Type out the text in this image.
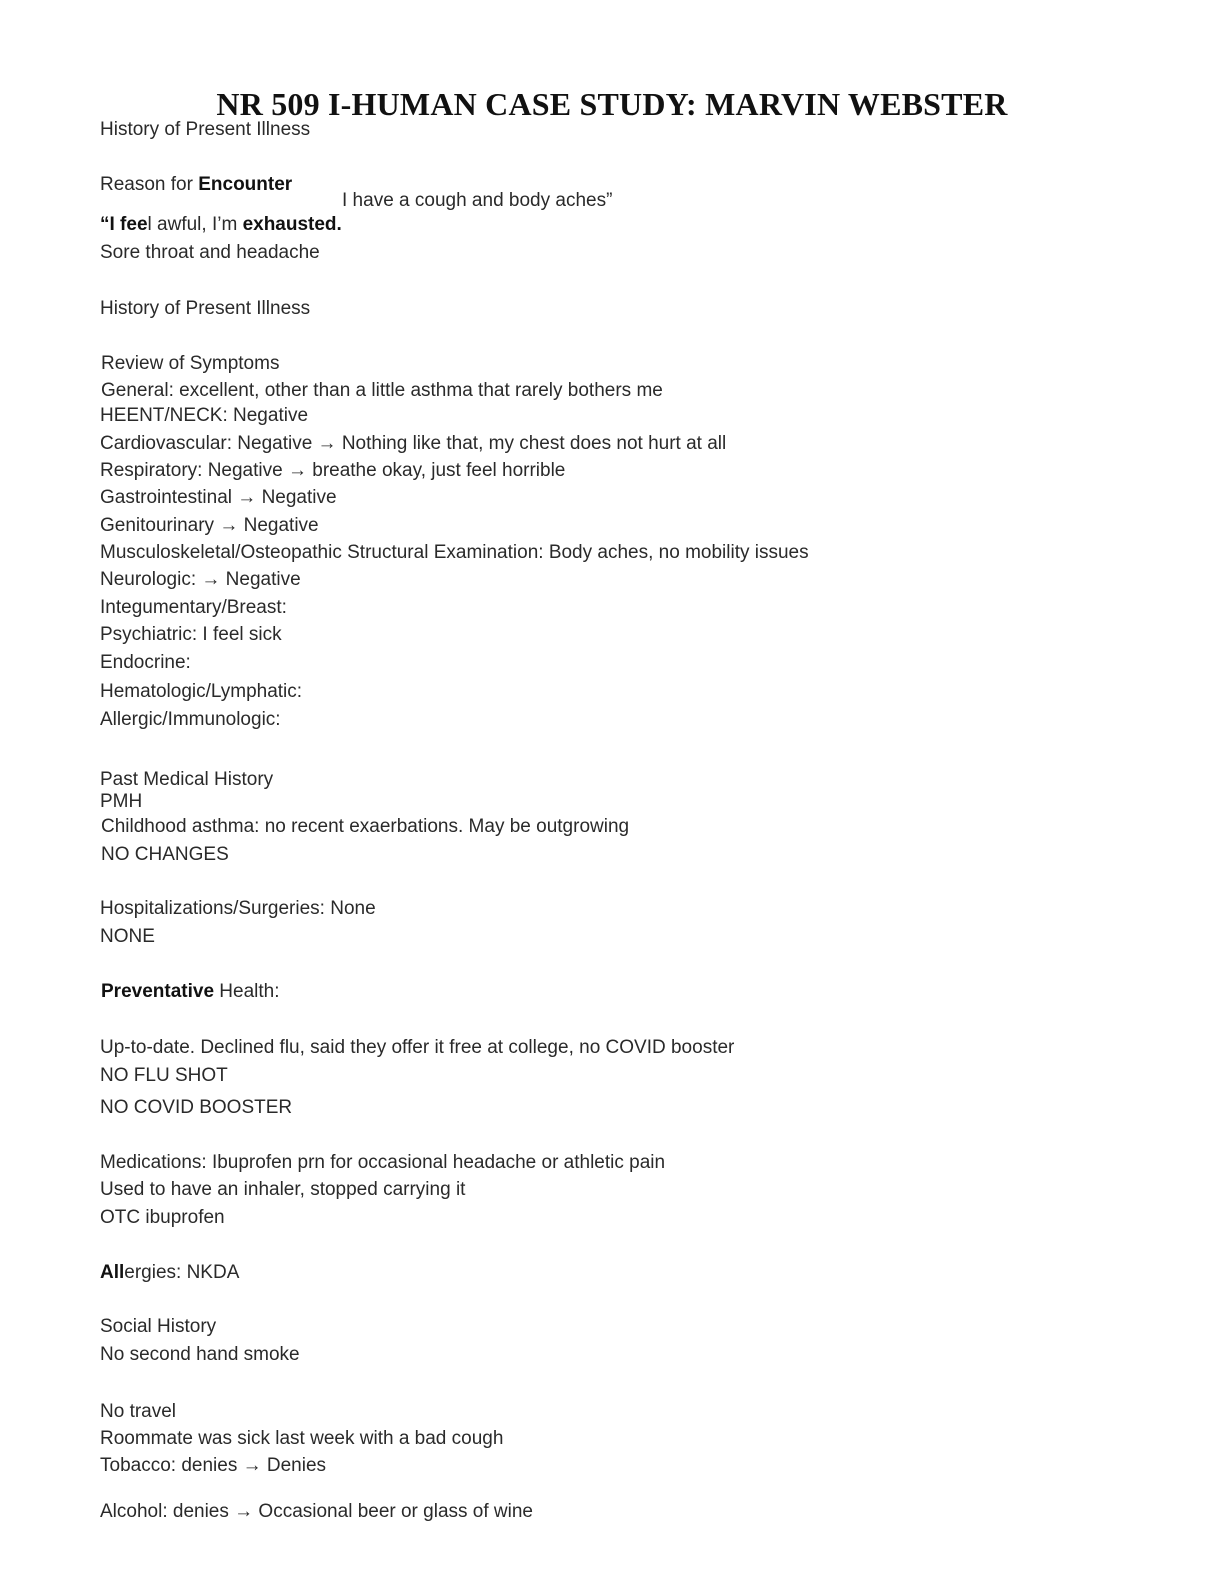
NR 509 I-HUMAN CASE STUDY: MARVIN WEBSTER
History of Present Illness
Reason for Encounter
I have a cough and body aches”
“I feel awful, I’m exhausted.
Sore throat and headache
History of Present Illness
Review of Symptoms
General: excellent, other than a little asthma that rarely bothers me
HEENT/NECK: Negative
Cardiovascular: Negative → Nothing like that, my chest does not hurt at all
Respiratory: Negative → breathe okay, just feel horrible
Gastrointestinal → Negative
Genitourinary → Negative
Musculoskeletal/Osteopathic Structural Examination: Body aches, no mobility issues
Neurologic: → Negative
Integumentary/Breast:
Psychiatric: I feel sick
Endocrine:
Hematologic/Lymphatic:
Allergic/Immunologic:
Past Medical History
PMH
Childhood asthma: no recent exaerbations. May be outgrowing
NO CHANGES
Hospitalizations/Surgeries: None
NONE
Preventative Health:
Up-to-date. Declined flu, said they offer it free at college, no COVID booster
NO FLU SHOT
NO COVID BOOSTER
Medications: Ibuprofen prn for occasional headache or athletic pain
Used to have an inhaler, stopped carrying it
OTC ibuprofen
Allergies: NKDA
Social History
No second hand smoke
No travel
Roommate was sick last week with a bad cough
Tobacco: denies → Denies
Alcohol: denies → Occasional beer or glass of wine
